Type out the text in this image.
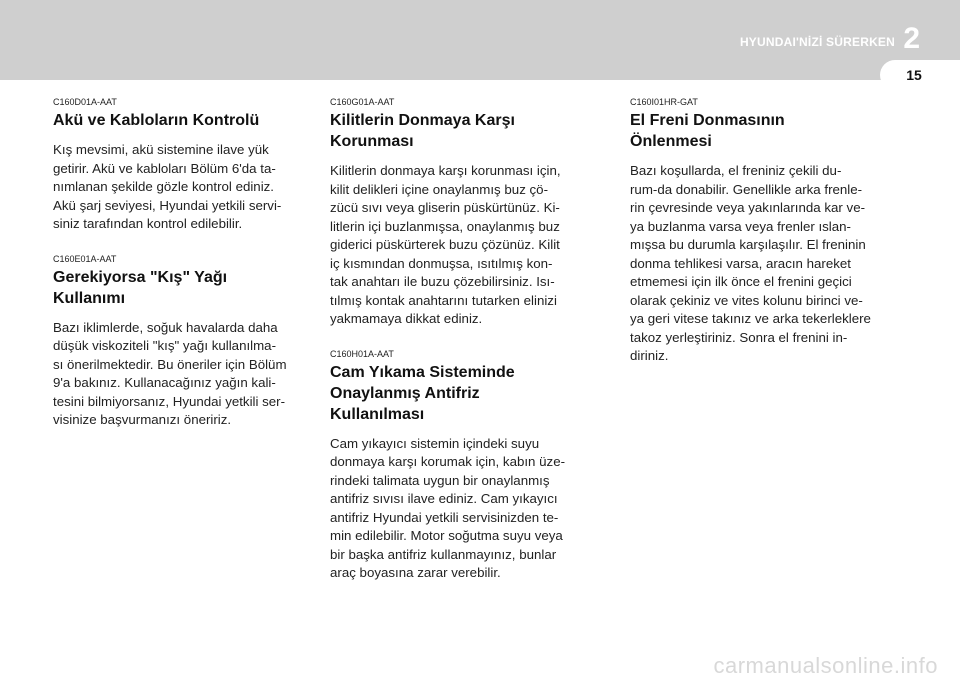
HYUNDAI'NİZİ SÜRERKEN 2
15
C160D01A-AAT
Akü ve Kabloların Kontrolü
Kış mevsimi, akü sistemine ilave yük
getirir. Akü ve kabloları Bölüm 6'da ta-
nımlanan şekilde gözle kontrol ediniz.
Akü şarj seviyesi, Hyundai yetkili servi-
siniz tarafından kontrol edilebilir.
C160E01A-AAT
Gerekiyorsa "Kış" Yağı
Kullanımı
Bazı iklimlerde, soğuk havalarda daha
düşük viskoziteli "kış" yağı kullanılma-
sı önerilmektedir. Bu öneriler için Bölüm
9'a bakınız. Kullanacağınız yağın kali-
tesini bilmiyorsanız, Hyundai yetkili ser-
visinize başvurmanızı öneririz.
C160G01A-AAT
Kilitlerin Donmaya Karşı
Korunması
Kilitlerin donmaya karşı korunması için,
kilit delikleri içine onaylanmış buz çö-
zücü sıvı veya gliserin püskürtünüz. Ki-
litlerin içi buzlanmışsa, onaylanmış buz
giderici püskürterek buzu çözünüz. Kilit
iç kısmından donmuşsa, ısıtılmış kon-
tak anahtarı ile buzu çözebilirsiniz. Isı-
tılmış kontak anahtarını tutarken elinizi
yakmamaya dikkat ediniz.
C160H01A-AAT
Cam Yıkama Sisteminde
Onaylanmış Antifriz
Kullanılması
Cam yıkayıcı sistemin içindeki suyu
donmaya karşı korumak için, kabın üze-
rindeki talimata uygun bir onaylanmış
antifriz sıvısı ilave ediniz. Cam yıkayıcı
antifriz Hyundai yetkili servisinizden te-
min edilebilir. Motor soğutma suyu veya
bir başka antifriz kullanmayınız, bunlar
araç boyasına zarar verebilir.
C160I01HR-GAT
El Freni Donmasının
Önlenmesi
Bazı koşullarda, el freniniz çekili du-
rum-da donabilir. Genellikle arka frenle-
rin çevresinde veya yakınlarında kar ve-
ya buzlanma varsa veya frenler ıslan-
mışsa bu durumla karşılaşılır. El freninin
donma tehlikesi varsa, aracın hareket
etmemesi için ilk önce el frenini geçici
olarak çekiniz ve vites kolunu birinci ve-
ya geri vitese takınız ve arka tekerleklere
takoz yerleştiriniz. Sonra el frenini in-
diriniz.
carmanualsonline.info
